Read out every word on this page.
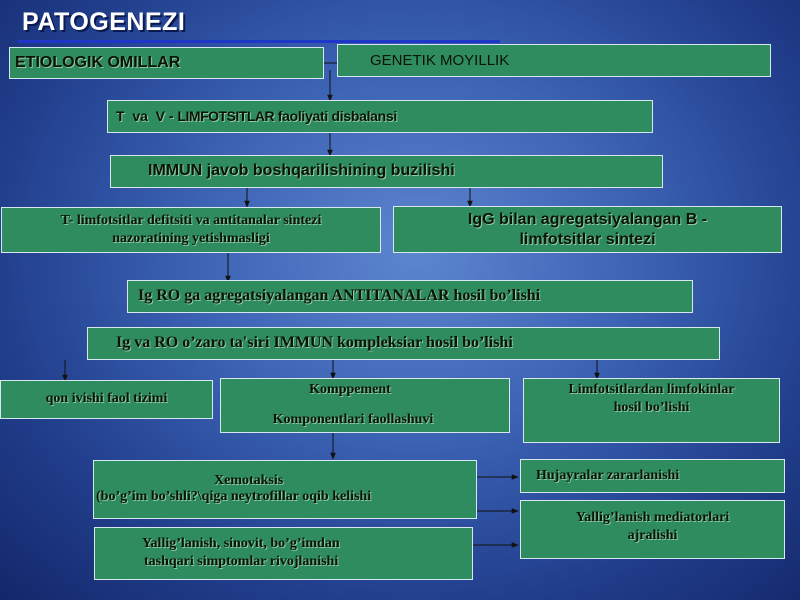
PATOGENEZI
ETIOLOGIK OMILLAR	GENETIK MOYILLIK
T  va  V - LIMFOTSITLAR faoliyati disbalansi
IMMUN javob boshqarilishining buzilishi
T- limfotsitlar defitsiti va antitanalar sintezi
nazoratining yetishmasligi
IgG bilan agregatsiyalangan B -
limfotsitlar sintezi
Ig RO ga agregatsiyalangan ANTITANALAR hosil bo’lishi
Ig va RO o’zaro ta'siri IMMUN kompleksiar hosil bo’lishi
qon ivishi faol tizimi
Komppement
Komponentlari faollashuvi
Limfotsitlardan limfokinlar
hosil bo’lishi
Xemotaksis
(bo’g’im bo’shli?\qiga neytrofillar oqib kelishi
Hujayralar zararlanishi
Yallig’lanish mediatorlari
ajralishi
Yallig’lanish, sinovit, bo’g’imdan
tashqari simptomlar rivojlanishi
